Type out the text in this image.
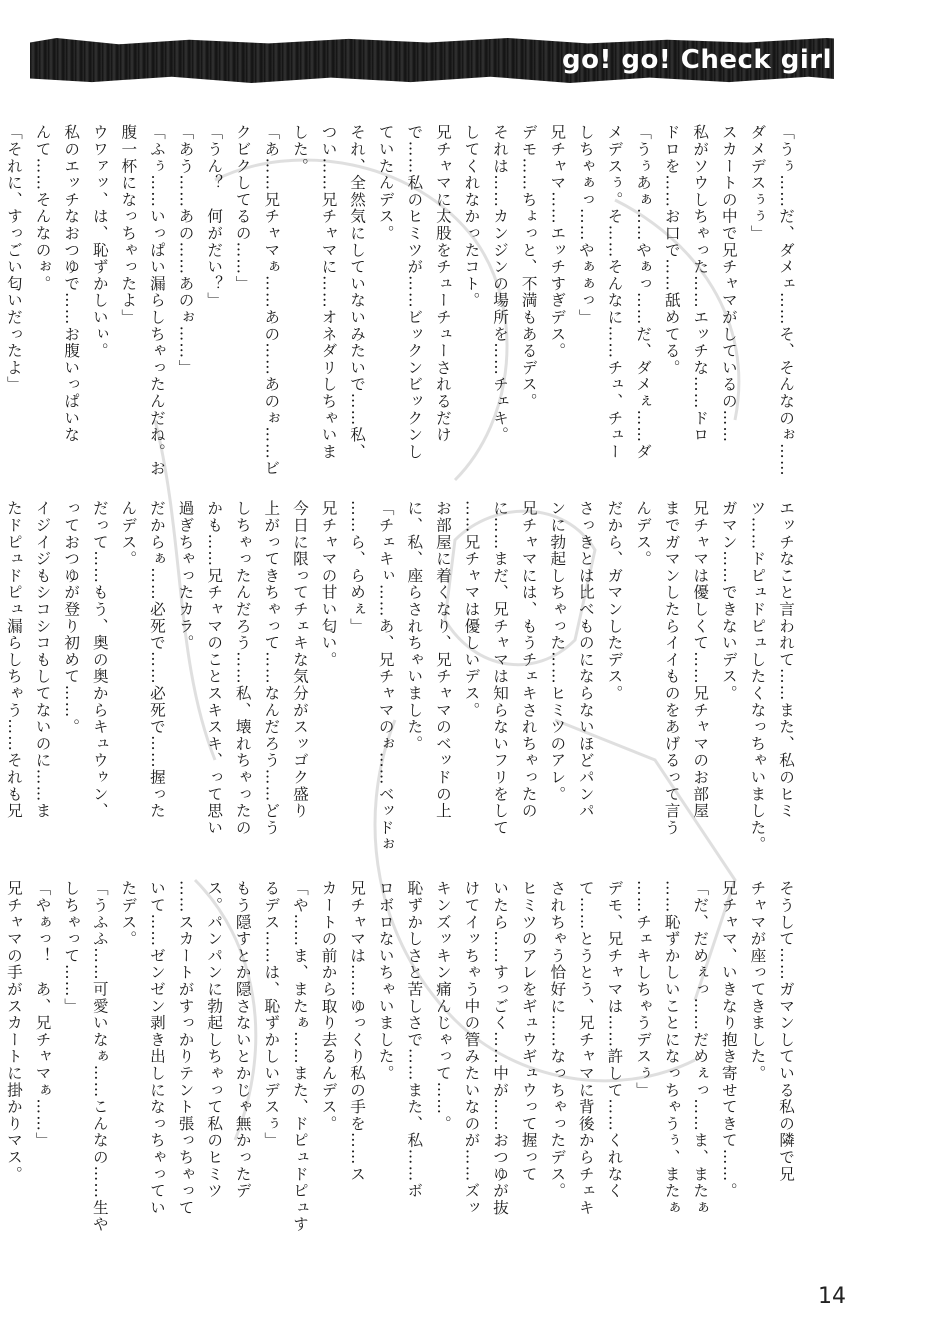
go! go! Check girl

「うぅ……だ、ダメェ……そ、そんなのぉ……

ダメデスぅぅ」

スカートの中で兄チャマがしているの……

私がソウしちゃった……エッチな……ドロ

ドロを……お口で……舐めてる。

「うぅあぁ……やぁっ……だ、ダメぇ……ダ

メデスぅ。そ……そんなに……チュ、チュー

しちゃぁっ……やぁぁっ」

兄チャマ……エッチすぎデス。

デモ……ちょっと、不満もあるデス。

それは……カンジンの場所を……チェキ。

してくれなかったコト。

兄チャマに太股をチューチューされるだけ

で……私のヒミツが……ビックンビックンし

ていたんデス。

それ、全然気にしていないみたいで……私、

つい……兄チャマに……オネダリしちゃいま

した。

「あ……兄チャマぁ……あの……あのぉ……ビ

クビクしてるの……」

「うん？　何がだい？」

「あう……あの……あのぉ……」

「ふぅ……いっぱい漏らしちゃったんだね。お

腹一杯になっちゃったよ」

ウワァッ、は、恥ずかしいぃ。

私のエッチなおつゆで……お腹いっぱいな

んて……そんなのぉ。

「それに、すっごい匂いだったよ」

エッチなこと言われて……また、私のヒミ

ツ……ドピュドピュしたくなっちゃいました。

ガマン……できないデス。

兄チャマは優しくて……兄チャマのお部屋

までガマンしたらイイものをあげるって言う

んデス。

だから、ガマンしたデス。

さっきとは比べものにならないほどパンパ

ンに勃起しちゃった……ヒミツのアレ。

兄チャマには、もうチェキされちゃったの

に……まだ、兄チャマは知らないフリをして

……兄チャマは優しいデス。

お部屋に着くなり、兄チャマのベッドの上

に、私、座らされちゃいました。

「チェキぃ……あ、兄チャマのぉ……ベッドぉ

……ら、らめぇ」

兄チャマの甘い匂い。

今日に限ってチェキな気分がスッゴク盛り

上がってきちゃって……なんだろう……どう

しちゃったんだろう……私、壊れちゃったの

かも……兄チャマのことスキスキ、って思い

過ぎちゃったカラ。

だからぁ……必死で……必死で……握った

んデス。

だって……もう、奥の奥からキュウゥン、

っておつゆが登り初めて……。

イジイジもシコシコもしてないのに……ま

たドピュドピュ漏らしちゃう……それも兄

そうして……ガマンしている私の隣で兄

チャマが座ってきました。

兄チャマ、いきなり抱き寄せてきて……。

「だ、だめぇっ……だめぇっ……ま、またぁ

……恥ずかしいことになっちゃうぅ、またぁ

……チェキしちゃうデスぅ」

デモ、兄チャマは……許して……くれなく

て……とうとう、兄チャマに背後からチェキ

されちゃう恰好に……なっちゃったデス。

ヒミツのアレをギュウギュウって握って

いたら……すっごく……中が……おつゆが抜

けてイッちゃう中の管みたいなのが……ズッ

キンズッキン痛んじゃって……。

恥ずかしさと苦しさで……また、私……ボ

ロボロないちゃいました。

兄チャマは……ゆっくり私の手を……ス

カートの前から取り去るんデス。

「や……ま、またぁ……また、ドピュドピュす

るデス……は、恥ずかしいデスぅ」

もう隠すとか隠さないとかじゃ無かったデ

ス。パンパンに勃起しちゃって私のヒミツ

……スカートがすっかりテント張っちゃって

いて……ゼンゼン剥き出しになっちゃってい

たデス。

「うふふ……可愛いなぁ……こんなの……生や

しちゃって……」

「やぁっ！　あ、兄チャマぁ……」

兄チャマの手がスカートに掛かりマス。

14
